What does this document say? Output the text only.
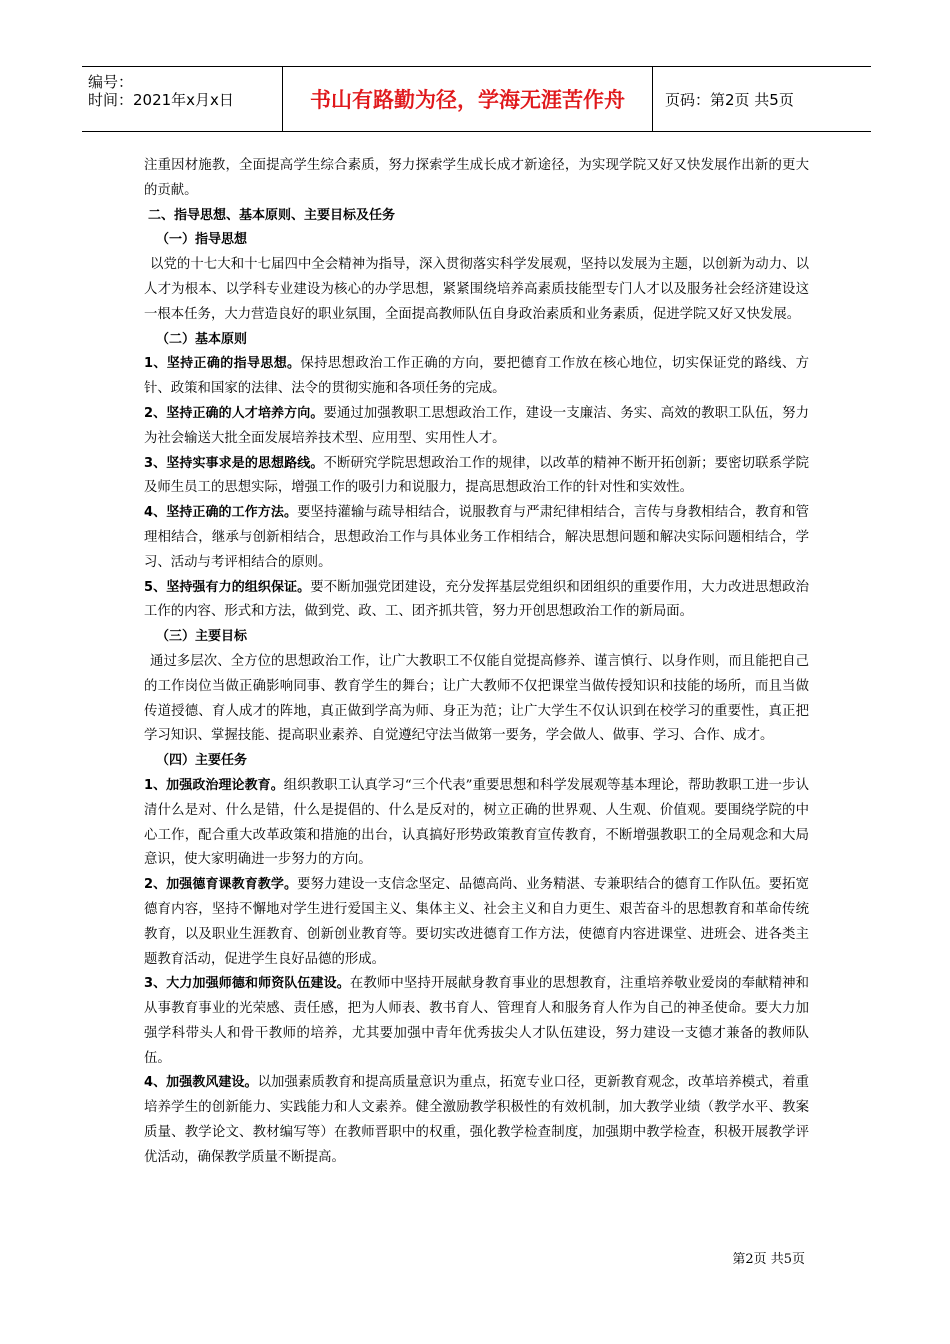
编号：
时间：2021年x月x日	书山有路勤为径，学海无涯苦作舟	页码：第2页 共5页

注重因材施教，全面提高学生综合素质，努力探索学生成长成才新途径，为实现学院又好又快发展作出新的更大的贡献。

二、指导思想、基本原则、主要目标及任务

（一）指导思想

以党的十七大和十七届四中全会精神为指导，深入贯彻落实科学发展观，坚持以发展为主题，以创新为动力、以人才为根本、以学科专业建设为核心的办学思想，紧紧围绕培养高素质技能型专门人才以及服务社会经济建设这一根本任务，大力营造良好的职业氛围，全面提高教师队伍自身政治素质和业务素质，促进学院又好又快发展。

（二）基本原则

1、坚持正确的指导思想。保持思想政治工作正确的方向，要把德育工作放在核心地位，切实保证党的路线、方针、政策和国家的法律、法令的贯彻实施和各项任务的完成。

2、坚持正确的人才培养方向。要通过加强教职工思想政治工作，建设一支廉洁、务实、高效的教职工队伍，努力为社会输送大批全面发展培养技术型、应用型、实用性人才。

3、坚持实事求是的思想路线。不断研究学院思想政治工作的规律，以改革的精神不断开拓创新；要密切联系学院及师生员工的思想实际，增强工作的吸引力和说服力，提高思想政治工作的针对性和实效性。

4、坚持正确的工作方法。要坚持灌输与疏导相结合，说服教育与严肃纪律相结合，言传与身教相结合，教育和管理相结合，继承与创新相结合，思想政治工作与具体业务工作相结合，解决思想问题和解决实际问题相结合，学习、活动与考评相结合的原则。

5、坚持强有力的组织保证。要不断加强党团建设，充分发挥基层党组织和团组织的重要作用，大力改进思想政治工作的内容、形式和方法，做到党、政、工、团齐抓共管，努力开创思想政治工作的新局面。

（三）主要目标

通过多层次、全方位的思想政治工作，让广大教职工不仅能自觉提高修养、谨言慎行、以身作则，而且能把自己的工作岗位当做正确影响同事、教育学生的舞台；让广大教师不仅把课堂当做传授知识和技能的场所，而且当做传道授德、育人成才的阵地，真正做到学高为师、身正为范；让广大学生不仅认识到在校学习的重要性，真正把学习知识、掌握技能、提高职业素养、自觉遵纪守法当做第一要务，学会做人、做事、学习、合作、成才。

（四）主要任务

1、加强政治理论教育。组织教职工认真学习“三个代表”重要思想和科学发展观等基本理论，帮助教职工进一步认清什么是对、什么是错，什么是提倡的、什么是反对的，树立正确的世界观、人生观、价值观。要围绕学院的中心工作，配合重大改革政策和措施的出台，认真搞好形势政策教育宣传教育，不断增强教职工的全局观念和大局意识，使大家明确进一步努力的方向。

2、加强德育课教育教学。要努力建设一支信念坚定、品德高尚、业务精湛、专兼职结合的德育工作队伍。要拓宽德育内容，坚持不懈地对学生进行爱国主义、集体主义、社会主义和自力更生、艰苦奋斗的思想教育和革命传统教育，以及职业生涯教育、创新创业教育等。要切实改进德育工作方法，使德育内容进课堂、进班会、进各类主题教育活动，促进学生良好品德的形成。

3、大力加强师德和师资队伍建设。在教师中坚持开展献身教育事业的思想教育，注重培养敬业爱岗的奉献精神和从事教育事业的光荣感、责任感，把为人师表、教书育人、管理育人和服务育人作为自己的神圣使命。要大力加强学科带头人和骨干教师的培养，尤其要加强中青年优秀拔尖人才队伍建设，努力建设一支德才兼备的教师队伍。

4、加强教风建设。以加强素质教育和提高质量意识为重点，拓宽专业口径，更新教育观念，改革培养模式，着重培养学生的创新能力、实践能力和人文素养。健全激励教学积极性的有效机制，加大教学业绩（教学水平、教案质量、教学论文、教材编写等）在教师晋职中的权重，强化教学检查制度，加强期中教学检查，积极开展教学评优活动，确保教学质量不断提高。

第2页 共5页
